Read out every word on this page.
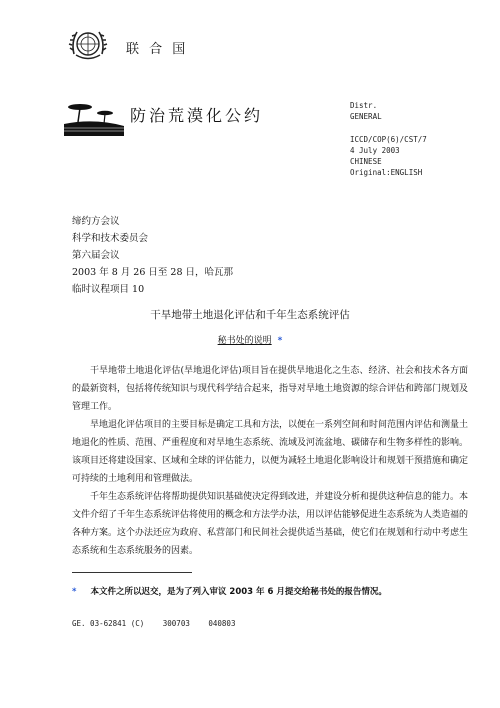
联 合 国
防治荒漠化公约
Distr.
GENERAL
ICCD/COP(6)/CST/7
4 July 2003
CHINESE
Original:ENGLISH
缔约方会议
科学和技术委员会
第六届会议
2003 年 8 月 26 日至 28 日，哈瓦那
临时议程项目 10
干旱地带土地退化评估和千年生态系统评估
秘书处的说明 *

干旱地带土地退化评估(旱地退化评估)项目旨在提供旱地退化之生态、经济、社会和技术各方面的最新资料，包括将传统知识与现代科学结合起来，指导对旱地土地资源的综合评估和跨部门规划及管理工作。

旱地退化评估项目的主要目标是确定工具和方法，以便在一系列空间和时间范围内评估和测量土地退化的性质、范围、严重程度和对旱地生态系统、流域及河流盆地、碳储存和生物多样性的影响。该项目还将建设国家、区域和全球的评估能力，以便为减轻土地退化影响设计和规划干预措施和确定可持续的土地利用和管理做法。

千年生态系统评估将帮助提供知识基础使决定得到改进，并建设分析和提供这种信息的能力。本文件介绍了千年生态系统评估将使用的概念和方法学办法，用以评估能够促进生态系统为人类造福的各种方案。这个办法还应为政府、私营部门和民间社会提供适当基础，使它们在规划和行动中考虑生态系统和生态系统服务的因素。

* 本文件之所以迟交，是为了列入审议 2003 年 6 月提交给秘书处的报告情况。
GE. 03-62841 (C) 300703 040803
